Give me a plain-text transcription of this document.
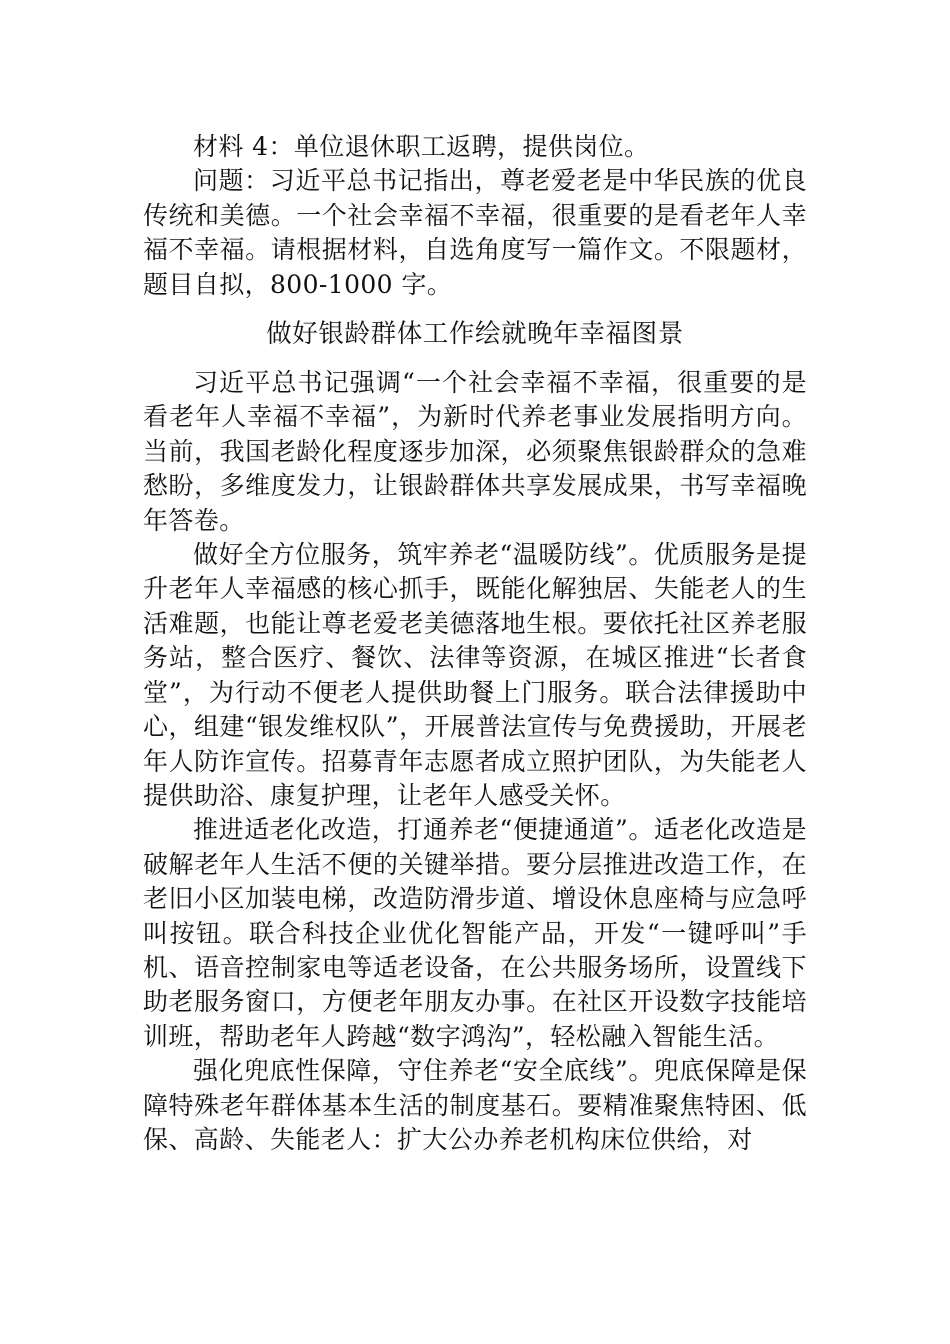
材料 4：单位退休职工返聘，提供岗位。

问题：习近平总书记指出，尊老爱老是中华民族的优良传统和美德。一个社会幸福不幸福，很重要的是看老年人幸福不幸福。请根据材料，自选角度写一篇作文。不限题材，题目自拟，800-1000 字。

做好银龄群体工作绘就晚年幸福图景

习近平总书记强调“一个社会幸福不幸福，很重要的是看老年人幸福不幸福”，为新时代养老事业发展指明方向。当前，我国老龄化程度逐步加深，必须聚焦银龄群众的急难愁盼，多维度发力，让银龄群体共享发展成果，书写幸福晚年答卷。

做好全方位服务，筑牢养老“温暖防线”。优质服务是提升老年人幸福感的核心抓手，既能化解独居、失能老人的生活难题，也能让尊老爱老美德落地生根。要依托社区养老服务站，整合医疗、餐饮、法律等资源，在城区推进“长者食堂”，为行动不便老人提供助餐上门服务。联合法律援助中心，组建“银发维权队”，开展普法宣传与免费援助，开展老年人防诈宣传。招募青年志愿者成立照护团队，为失能老人提供助浴、康复护理，让老年人感受关怀。

推进适老化改造，打通养老“便捷通道”。适老化改造是破解老年人生活不便的关键举措。要分层推进改造工作，在老旧小区加装电梯，改造防滑步道、增设休息座椅与应急呼叫按钮。联合科技企业优化智能产品，开发“一键呼叫”手机、语音控制家电等适老设备，在公共服务场所，设置线下助老服务窗口，方便老年朋友办事。在社区开设数字技能培训班，帮助老年人跨越“数字鸿沟”，轻松融入智能生活。

强化兜底性保障，守住养老“安全底线”。兜底保障是保障特殊老年群体基本生活的制度基石。要精准聚焦特困、低保、高龄、失能老人：扩大公办养老机构床位供给，对
